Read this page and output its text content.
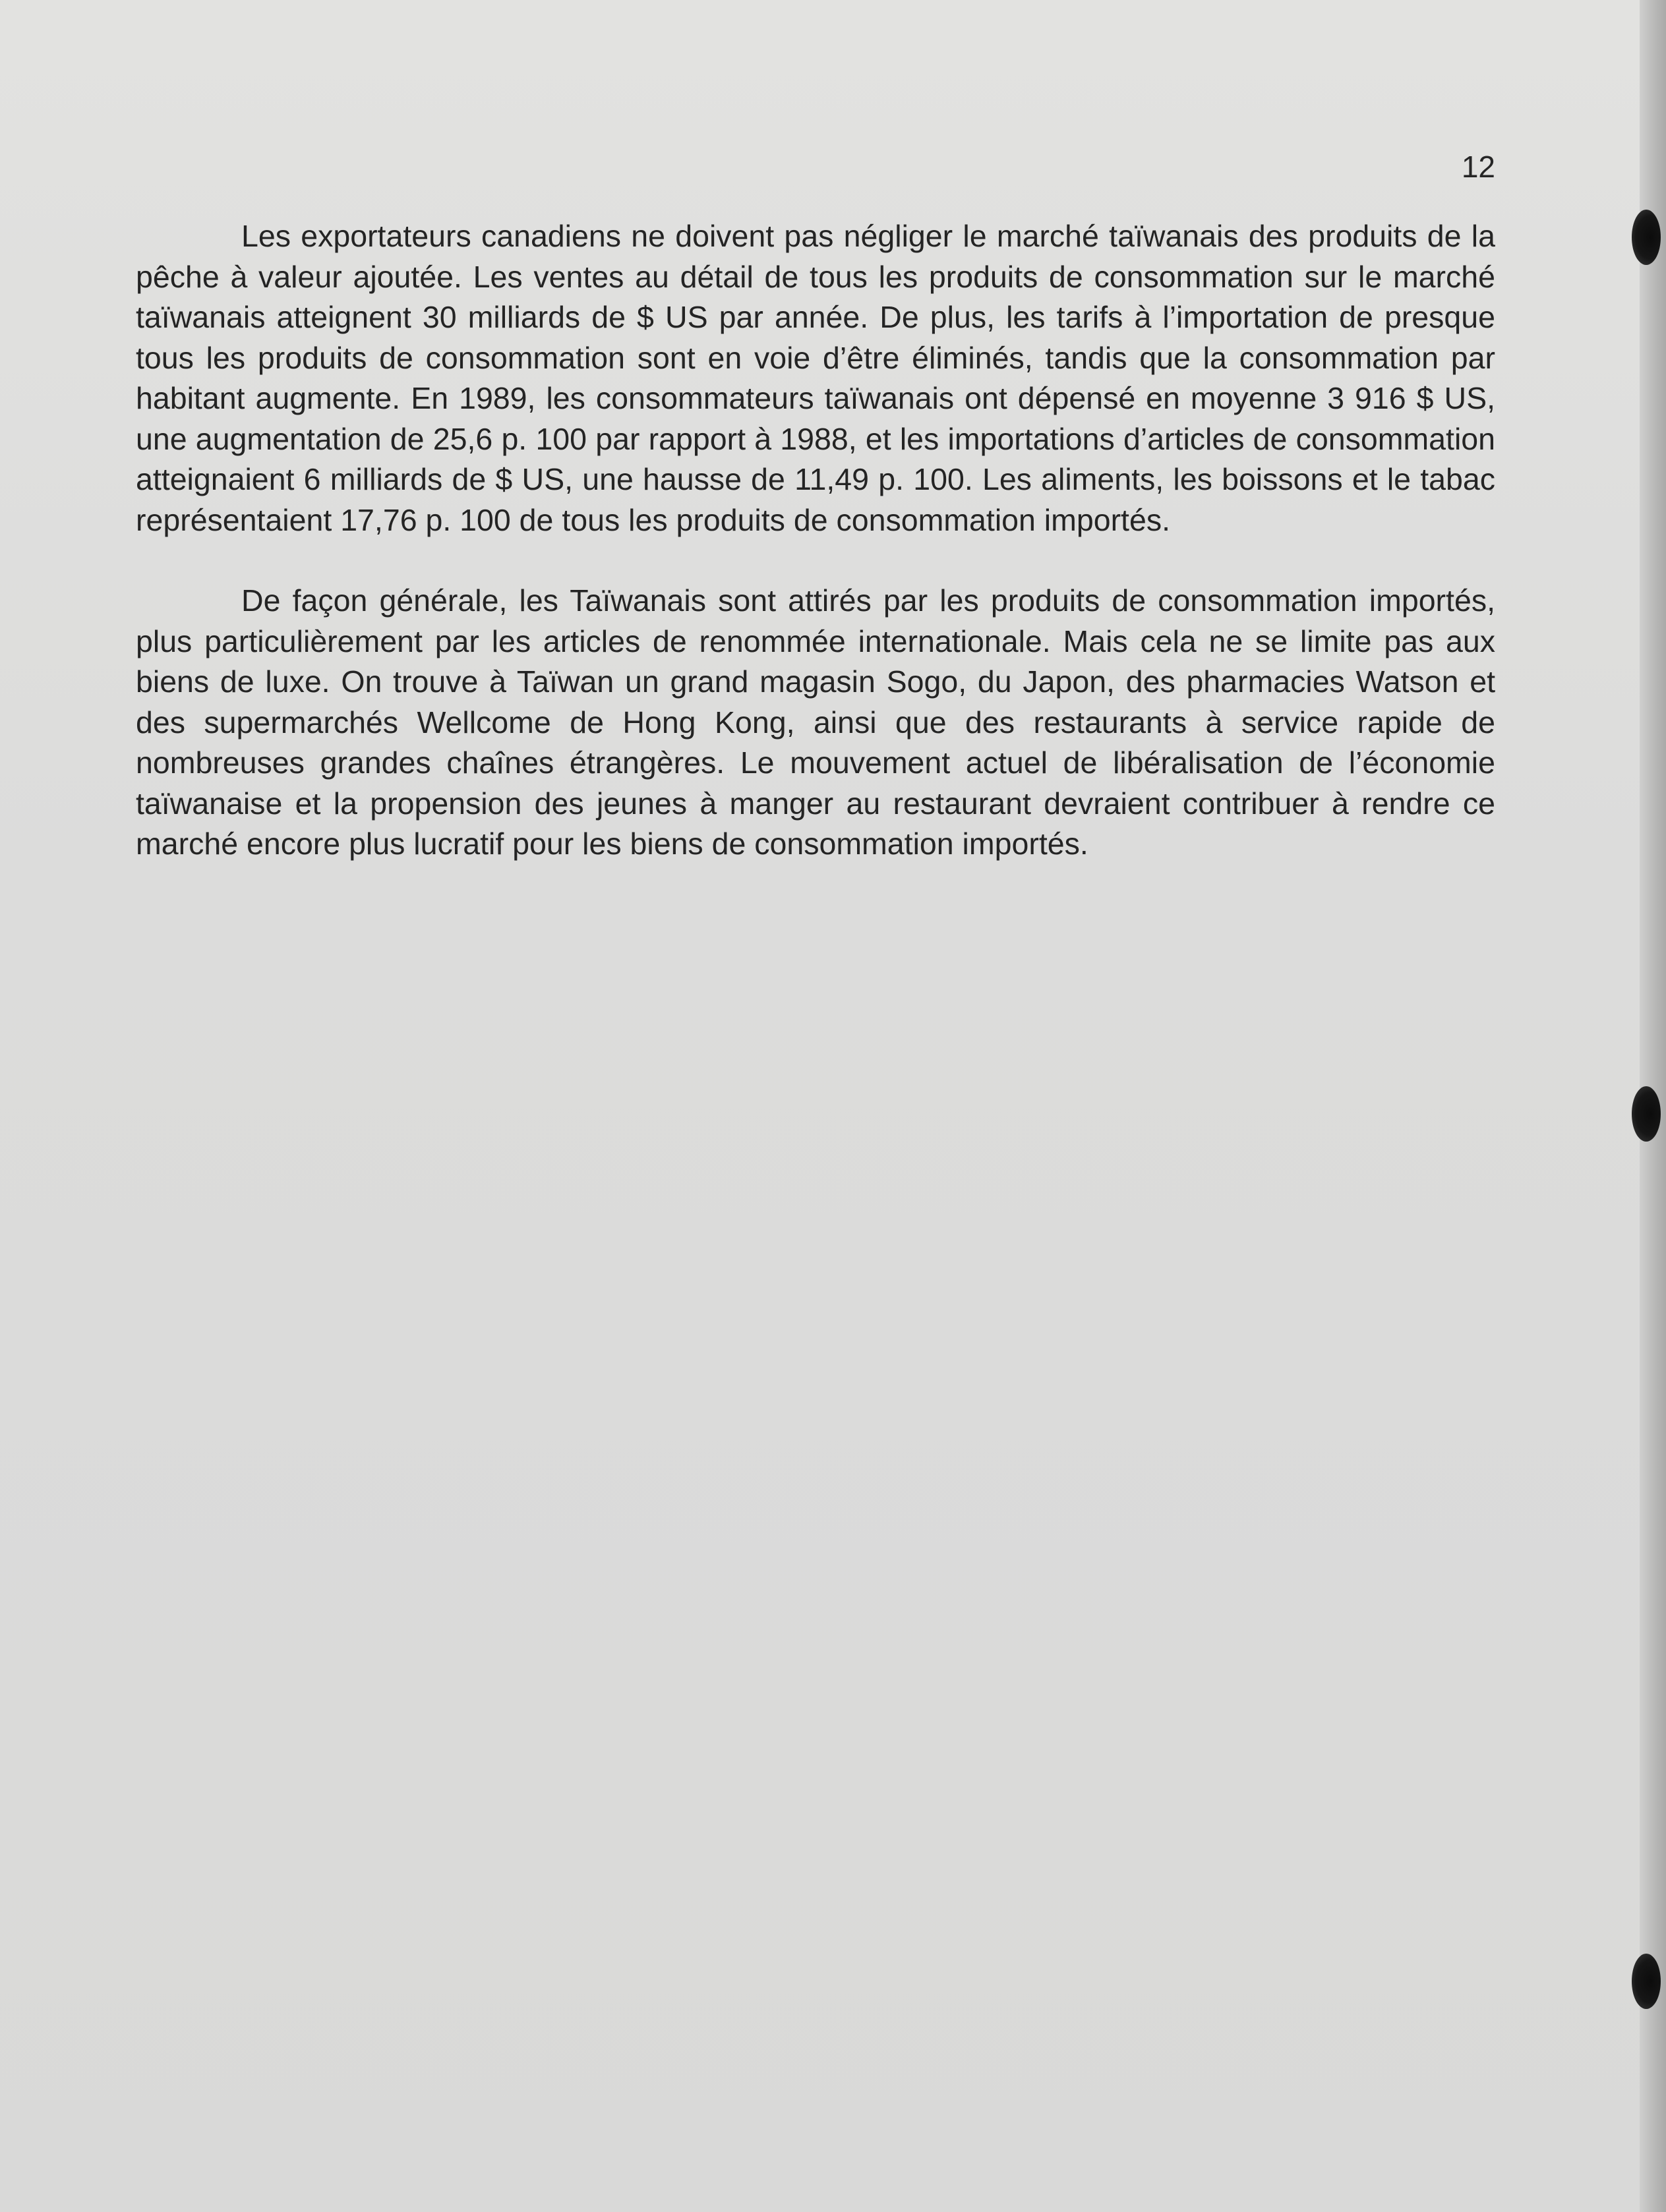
12

Les exportateurs canadiens ne doivent pas négliger le marché taïwanais des produits de la pêche à valeur ajoutée. Les ventes au détail de tous les produits de consommation sur le marché taïwanais atteignent 30 milliards de $ US par année. De plus, les tarifs à l’importation de presque tous les produits de consommation sont en voie d’être éliminés, tandis que la consommation par habitant augmente. En 1989, les consommateurs taïwanais ont dépensé en moyenne 3 916 $ US, une augmentation de 25,6 p. 100 par rapport à 1988, et les importations d’articles de consommation atteignaient 6 milliards de $ US, une hausse de 11,49 p. 100. Les aliments, les boissons et le tabac représentaient 17,76 p. 100 de tous les produits de consommation importés.

De façon générale, les Taïwanais sont attirés par les produits de consommation importés, plus particulièrement par les articles de renommée internationale. Mais cela ne se limite pas aux biens de luxe. On trouve à Taïwan un grand magasin Sogo, du Japon, des pharmacies Watson et des supermarchés Wellcome de Hong Kong, ainsi que des restaurants à service rapide de nombreuses grandes chaînes étrangères. Le mouvement actuel de libéralisation de l’économie taïwanaise et la propension des jeunes à manger au restaurant devraient contribuer à rendre ce marché encore plus lucratif pour les biens de consommation importés.
